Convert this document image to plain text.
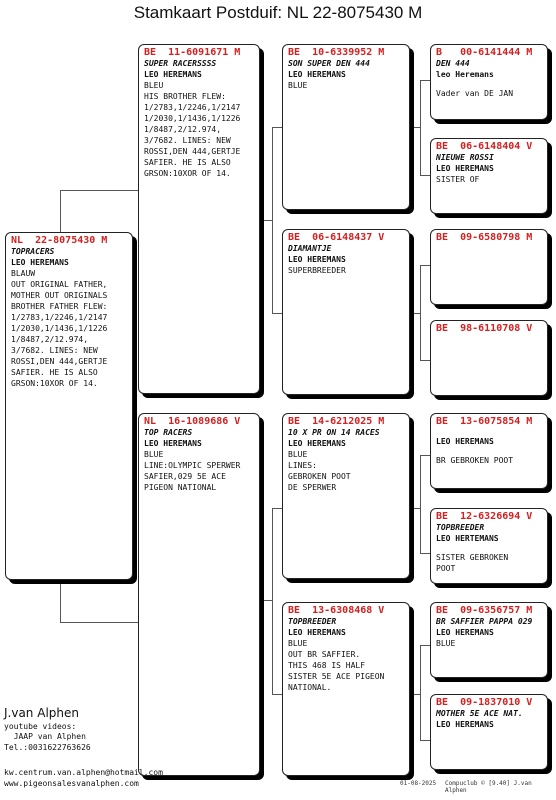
Stamkaart Postduif: NL 22-8075430 M
NL  22-8075430 M
TOPRACERS
LEO HEREMANS
BLAUW
OUT ORIGINAL FATHER,
MOTHER OUT ORIGINALS
BROTHER FATHER FLEW:
1/2783,1/2246,1/2147
1/2030,1/1436,1/1226
1/8487,2/12.974,
3/7682. LINES: NEW
ROSSI,DEN 444,GERTJE
SAFIER. HE IS ALSO
GRSON:10XOR OF 14.
BE  11-6091671 M
SUPER RACERSSSS
LEO HEREMANS
BLEU
HIS BROTHER FLEW:
1/2783,1/2246,1/2147
1/2030,1/1436,1/1226
1/8487,2/12.974,
3/7682. LINES: NEW
ROSSI,DEN 444,GERTJE
SAFIER. HE IS ALSO
GRSON:10XOR OF 14.
NL  16-1089686 V
TOP RACERS
LEO HEREMANS
BLUE
LINE:OLYMPIC SPERWER
SAFIER,029 5E ACE
PIGEON NATIONAL
BE  10-6339952 M
SON SUPER DEN 444
LEO HEREMANS
BLUE
BE  06-6148437 V
DIAMANTJE
LEO HEREMANS
SUPERBREEDER
BE  14-6212025 M
10 X PR ON 14 RACES
LEO HEREMANS
BLUE
LINES:
GEBROKEN POOT
DE SPERWER
BE  13-6308468 V
TOPBREEDER
LEO HEREMANS
BLUE
OUT BR SAFFIER.
THIS 468 IS HALF
SISTER 5E ACE PIGEON
NATIONAL.
B   00-6141444 M
DEN 444
leo Heremans
Vader van DE JAN
BE  06-6148404 V
NIEUWE ROSSI
LEO HEREMANS
SISTER OF
BE  09-6580798 M
BE  98-6110708 V
BE  13-6075854 M
LEO HEREMANS
BR GEBROKEN POOT
BE  12-6326694 V
TOPBREEDER
LEO HERTEMANS
SISTER GEBROKEN
POOT
BE  09-6356757 M
BR SAFFIER PAPPA 029
LEO HEREMANS
BLUE
BE  09-1837010 V
MOTHER 5E ACE NAT.
LEO HEREMANS
J.van Alphen
youtube videos:
JAAP van Alphen
Tel.:0031622763626
kw.centrum.van.alphen@hotmail.com
www.pigeonsalesvanalphen.com	01-08-2025 Compuclub © [9.40] J.van Alphen
